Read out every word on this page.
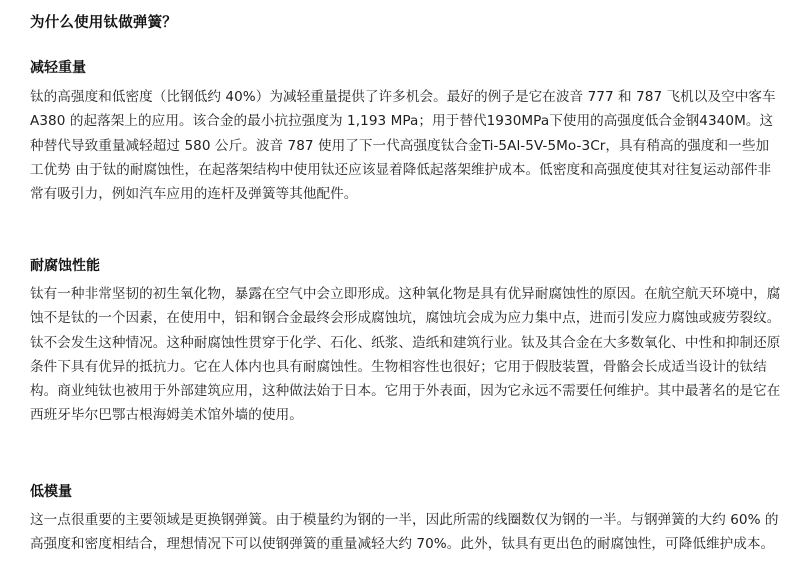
为什么使用钛做弹簧？
减轻重量

钛的高强度和低密度（比钢低约 40%）为减轻重量提供了许多机会。最好的例子是它在波音 777 和 787 飞机以及空中客车 A380 的起落架上的应用。该合金的最小抗拉强度为 1,193 MPa；用于替代1930MPa下使用的高强度低合金钢4340M。这种替代导致重量减轻超过 580 公斤。波音 787 使用了下一代高强度钛合金Ti-5Al-5V-5Mo-3Cr，具有稍高的强度和一些加工优势 由于钛的耐腐蚀性，在起落架结构中使用钛还应该显着降低起落架维护成本。低密度和高强度使其对往复运动部件非常有吸引力，例如汽车应用的连杆及弹簧等其他配件。

耐腐蚀性能

钛有一种非常坚韧的初生氧化物，暴露在空气中会立即形成。这种氧化物是具有优异耐腐蚀性的原因。在航空航天环境中，腐蚀不是钛的一个因素，在使用中，铝和钢合金最终会形成腐蚀坑，腐蚀坑会成为应力集中点，进而引发应力腐蚀或疲劳裂纹。钛不会发生这种情况。这种耐腐蚀性贯穿于化学、石化、纸浆、造纸和建筑行业。钛及其合金在大多数氧化、中性和抑制还原条件下具有优异的抵抗力。它在人体内也具有耐腐蚀性。生物相容性也很好；它用于假肢装置，骨骼会长成适当设计的钛结构。商业纯钛也被用于外部建筑应用，这种做法始于日本。它用于外表面，因为它永远不需要任何维护。其中最著名的是它在西班牙毕尔巴鄂古根海姆美术馆外墙的使用。

低模量

这一点很重要的主要领域是更换钢弹簧。由于模量约为钢的一半，因此所需的线圈数仅为钢的一半。与钢弹簧的大约 60% 的高强度和密度相结合，理想情况下可以使钢弹簧的重量减轻大约 70%。此外，钛具有更出色的耐腐蚀性，可降低维护成本。
